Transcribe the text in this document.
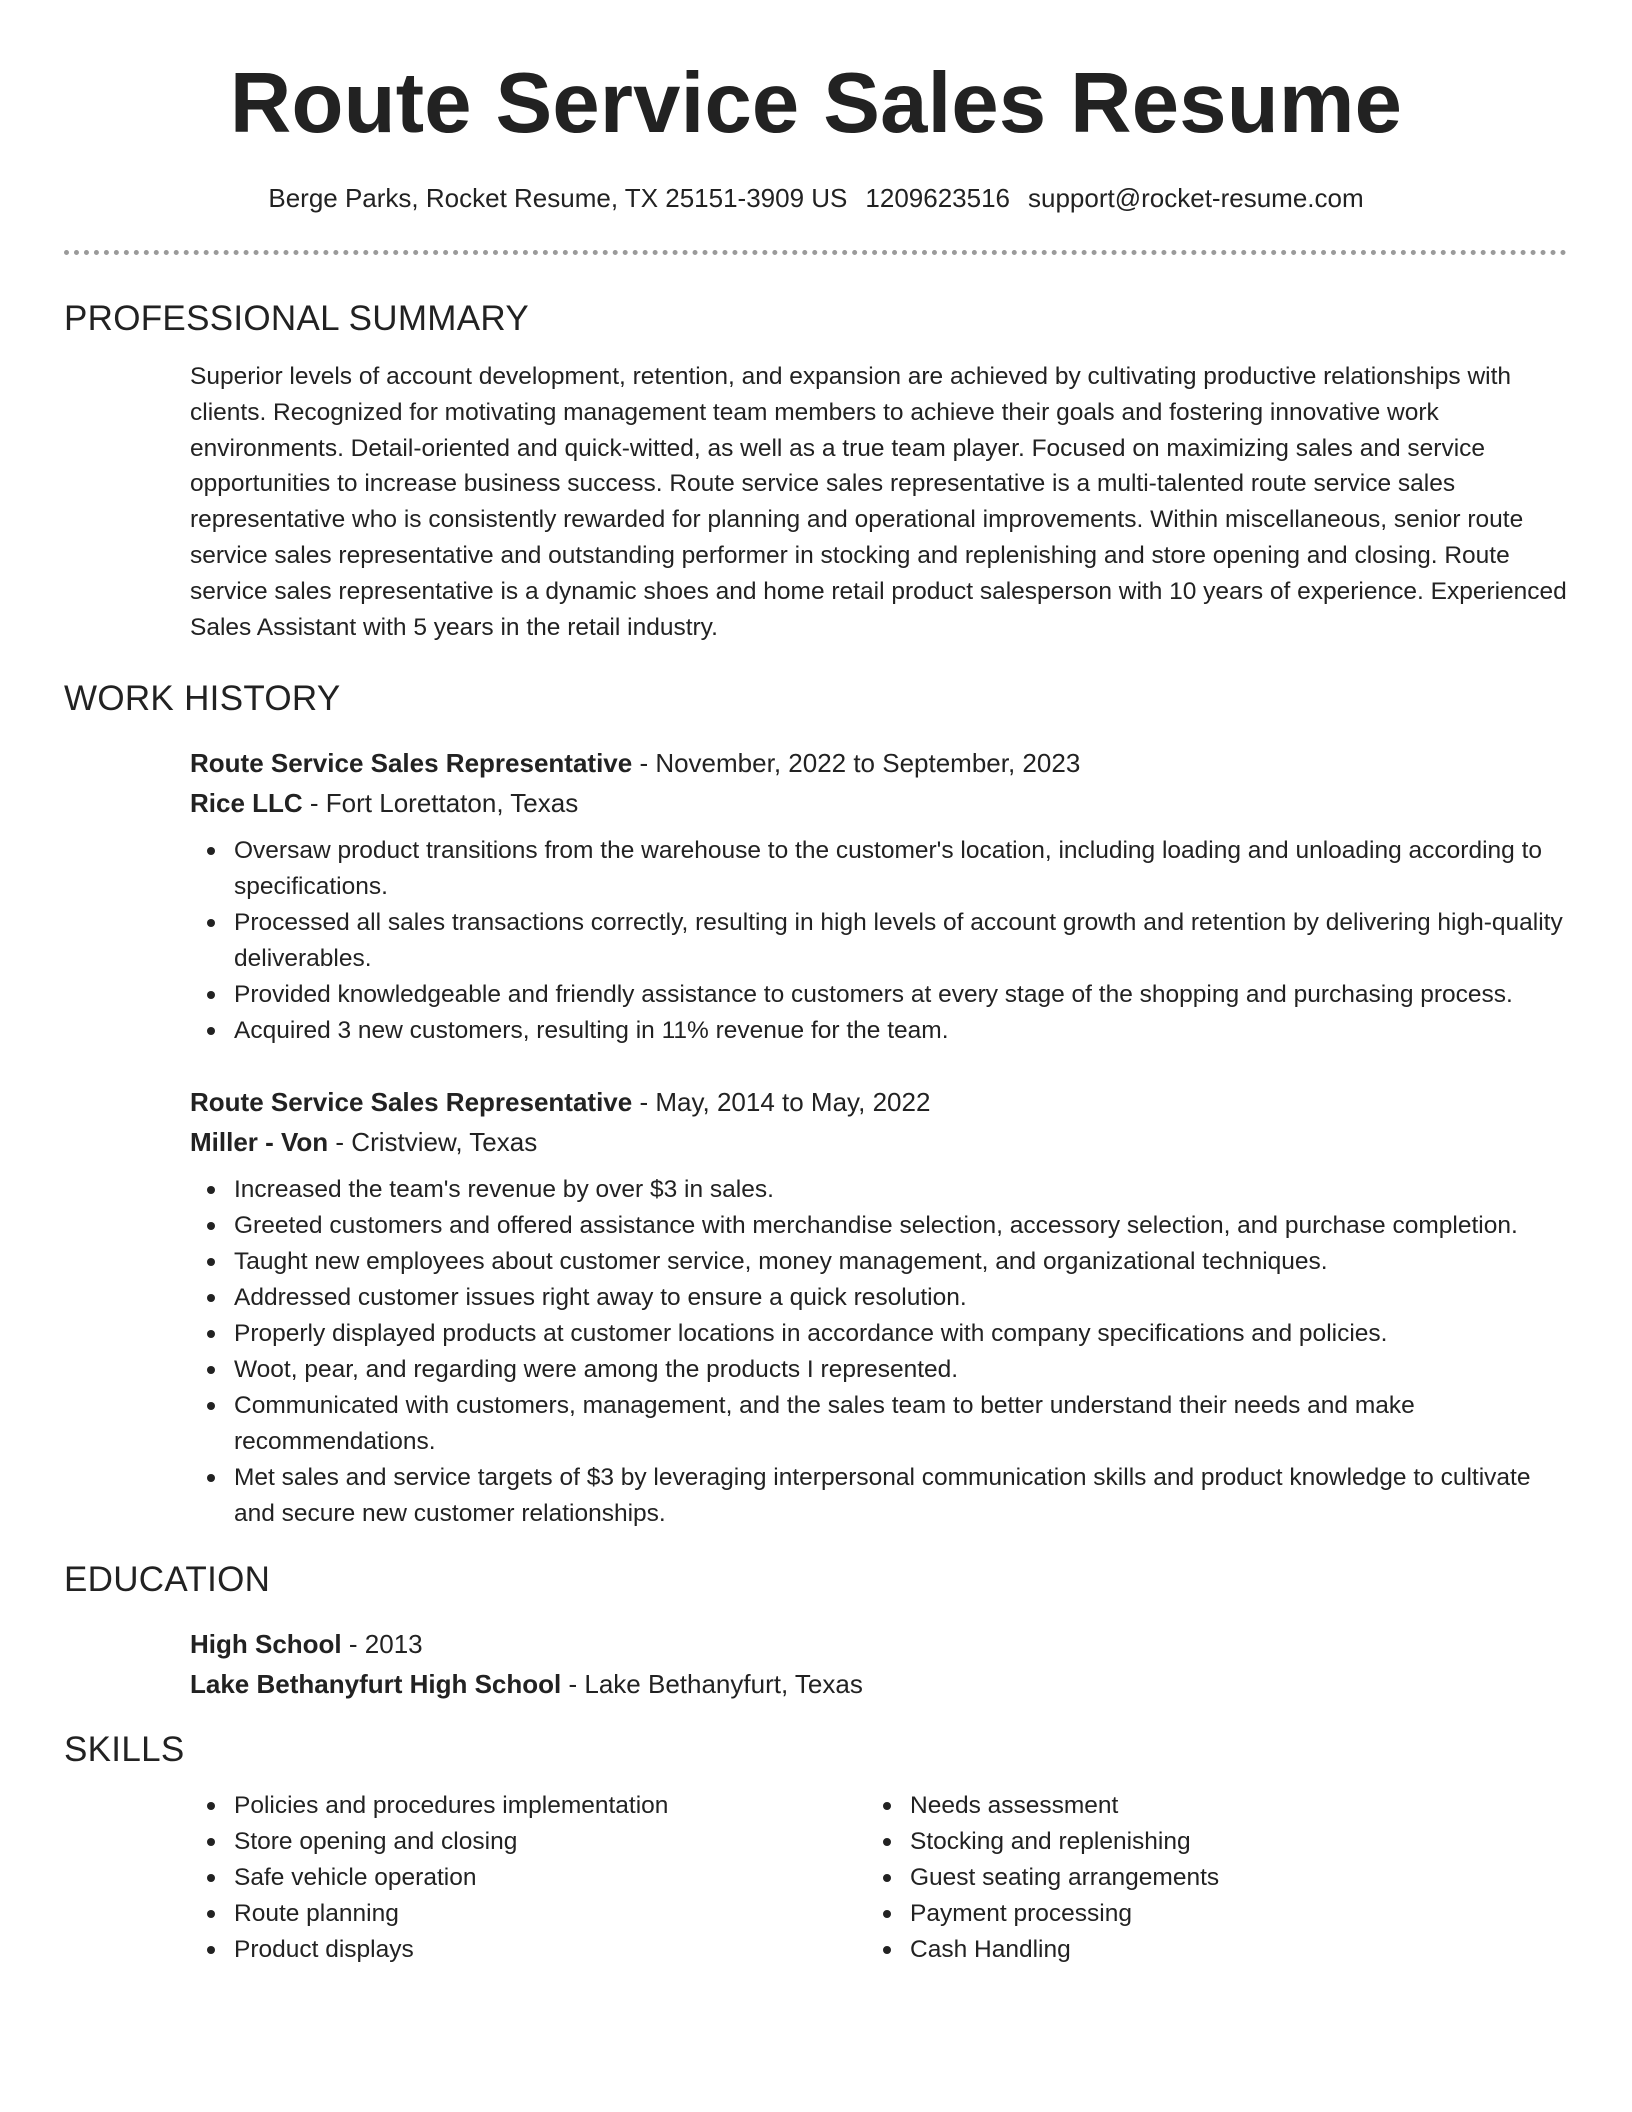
Route Service Sales Resume
Berge Parks, Rocket Resume, TX 25151-3909 US 1209623516 support@rocket-resume.com
PROFESSIONAL SUMMARY

Superior levels of account development, retention, and expansion are achieved by cultivating productive relationships with clients. Recognized for motivating management team members to achieve their goals and fostering innovative work environments. Detail-oriented and quick-witted, as well as a true team player. Focused on maximizing sales and service opportunities to increase business success. Route service sales representative is a multi-talented route service sales representative who is consistently rewarded for planning and operational improvements. Within miscellaneous, senior route service sales representative and outstanding performer in stocking and replenishing and store opening and closing. Route service sales representative is a dynamic shoes and home retail product salesperson with 10 years of experience. Experienced Sales Assistant with 5 years in the retail industry.

WORK HISTORY

Route Service Sales Representative - November, 2022 to September, 2023

Rice LLC - Fort Lorettaton, Texas

Oversaw product transitions from the warehouse to the customer's location, including loading and unloading according to specifications.
Processed all sales transactions correctly, resulting in high levels of account growth and retention by delivering high-quality deliverables.
Provided knowledgeable and friendly assistance to customers at every stage of the shopping and purchasing process.
Acquired 3 new customers, resulting in 11% revenue for the team.

Route Service Sales Representative - May, 2014 to May, 2022

Miller - Von - Cristview, Texas

Increased the team's revenue by over $3 in sales.
Greeted customers and offered assistance with merchandise selection, accessory selection, and purchase completion.
Taught new employees about customer service, money management, and organizational techniques.
Addressed customer issues right away to ensure a quick resolution.
Properly displayed products at customer locations in accordance with company specifications and policies.
Woot, pear, and regarding were among the products I represented.
Communicated with customers, management, and the sales team to better understand their needs and make recommendations.
Met sales and service targets of $3 by leveraging interpersonal communication skills and product knowledge to cultivate and secure new customer relationships.
EDUCATION

High School - 2013

Lake Bethanyfurt High School - Lake Bethanyfurt, Texas

SKILLS
Policies and procedures implementation
Store opening and closing
Safe vehicle operation
Route planning
Product displays
Needs assessment
Stocking and replenishing
Guest seating arrangements
Payment processing
Cash Handling
